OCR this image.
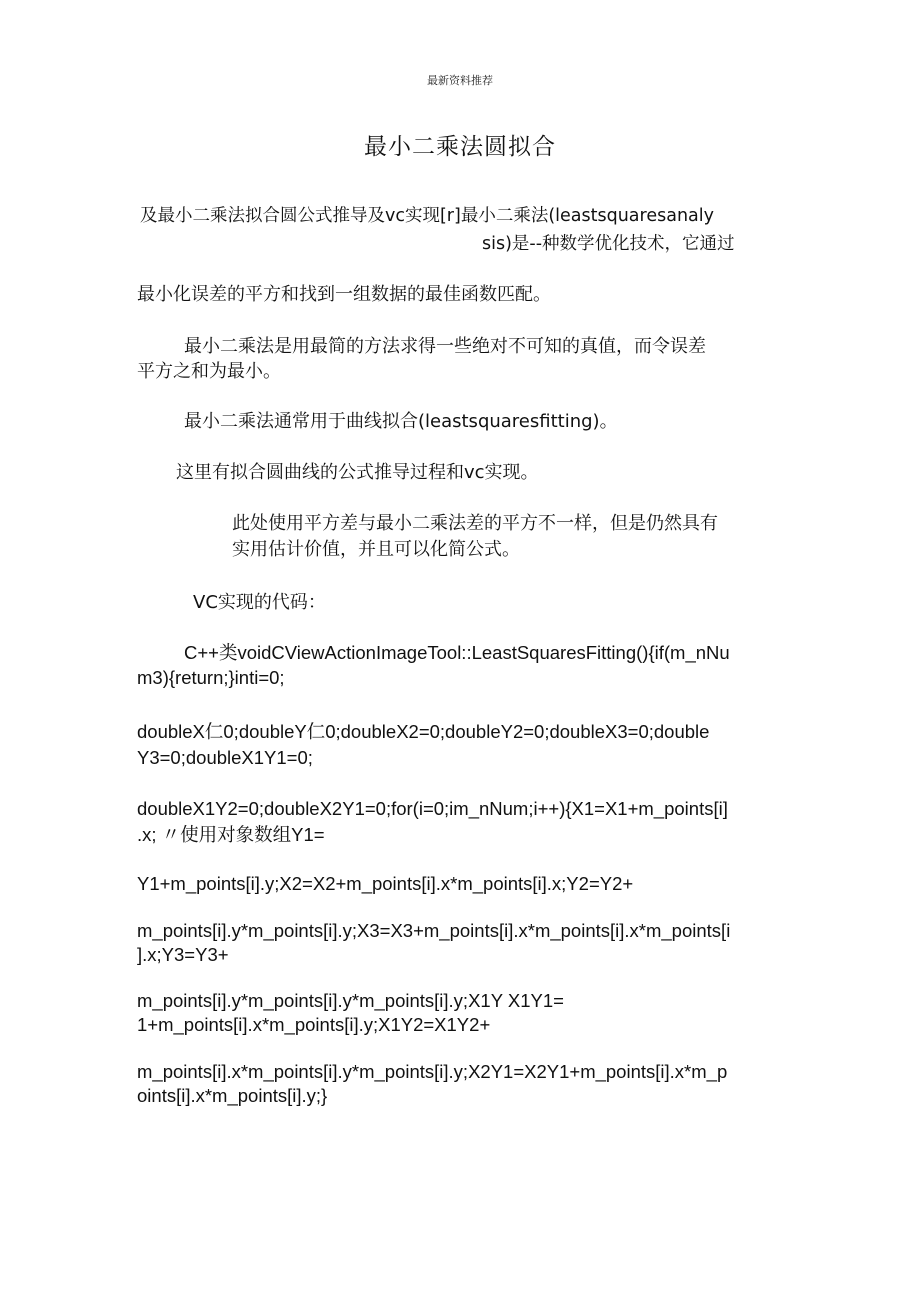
最新资料推荐
最小二乘法圆拟合
及最小二乘法拟合圆公式推导及vc实现[r]最小二乘法(leastsquaresanaly
sis)是--种数学优化技术，它通过
最小化误差的平方和找到一组数据的最佳函数匹配。
最小二乘法是用最简的方法求得一些绝对不可知的真值，而令误差
平方之和为最小。
最小二乘法通常用于曲线拟合(leastsquaresfitting)。
这里有拟合圆曲线的公式推导过程和vc实现。
此处使用平方差与最小二乘法差的平方不一样，但是仍然具有
实用估计价值，并且可以化简公式。
VC实现的代码：
C++类voidCViewActionImageTool::LeastSquaresFitting(){if(m_nNu
m3){return;}inti=0;
doubleX仁0;doubleY仁0;doubleX2=0;doubleY2=0;doubleX3=0;double
Y3=0;doubleX1Y1=0;
doubleX1Y2=0;doubleX2Y1=0;for(i=0;im_nNum;i++){X1=X1+m_points[i]
.x; 〃使用对象数组Y1=
Y1+m_points[i].y;X2=X2+m_points[i].x*m_points[i].x;Y2=Y2+
m_points[i].y*m_points[i].y;X3=X3+m_points[i].x*m_points[i].x*m_points[i
].x;Y3=Y3+
m_points[i].y*m_points[i].y*m_points[i].y;X1Y X1Y1=
1+m_points[i].x*m_points[i].y;X1Y2=X1Y2+
m_points[i].x*m_points[i].y*m_points[i].y;X2Y1=X2Y1+m_points[i].x*m_p
oints[i].x*m_points[i].y;}
